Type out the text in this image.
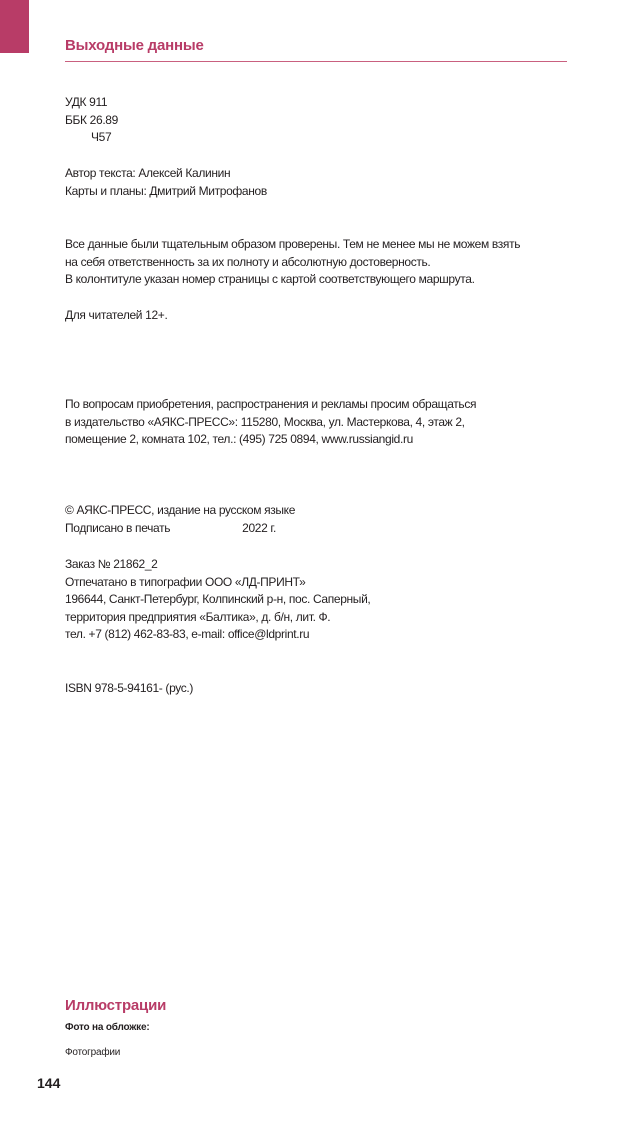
Выходные данные
УДК 911
ББК 26.89
Ч57
Автор текста: Алексей Калинин
Карты и планы: Дмитрий Митрофанов
Все данные были тщательным образом проверены. Тем не менее мы не можем взять
на себя ответственность за их полноту и абсолютную достоверность.
В колонтитуле указан номер страницы с картой соответствующего маршрута.
Для читателей 12+.
По вопросам приобретения, распространения и рекламы просим обращаться
в издательство «АЯКС-ПРЕСС»: 115280, Москва, ул. Мастеркова, 4, этаж 2,
помещение 2, комната 102, тел.: (495) 725 0894, www.russiangid.ru
© АЯКС-ПРЕСС, издание на русском языке
Подписано в печать	2022 г.
Заказ № 21862_2
Отпечатано в типографии ООО «ЛД-ПРИНТ»
196644, Санкт-Петербург, Колпинский р-н, пос. Саперный,
территория предприятия «Балтика», д. б/н, лит. Ф.
тел. +7 (812) 462-83-83, e-mail: office@ldprint.ru
ISBN 978-5-94161- (рус.)
Иллюстрации
Фото на обложке:
Фотографии
144
